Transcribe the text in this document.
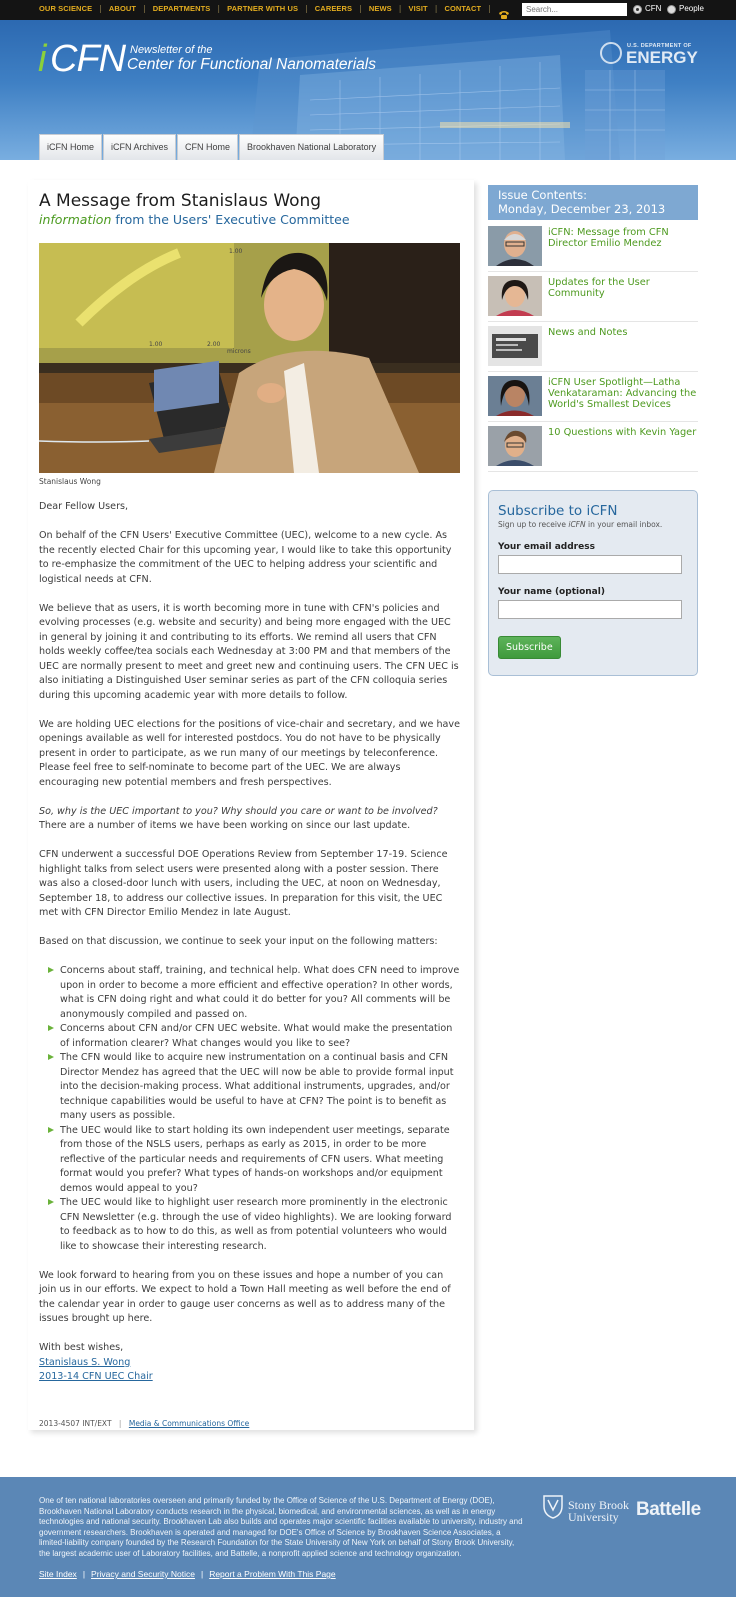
OUR SCIENCE | ABOUT | DEPARTMENTS | PARTNER WITH US | CAREERS | NEWS | VISIT | CONTACT |
Search...	CFN People
i CFN Newsletter of the
Center for Functional Nanomaterials
U.S. DEPARTMENT OF
ENERGY
iCFN Home	iCFN Archives	CFN Home	Brookhaven National Laboratory
A Message from Stanislaus Wong
information from the Users' Executive Committee
1.00
2.00
microns
1.00
Stanislaus Wong

Dear Fellow Users,

On behalf of the CFN Users' Executive Committee (UEC), welcome to a new cycle. As the recently elected Chair for this upcoming year, I would like to take this opportunity to re-emphasize the commitment of the UEC to helping address your scientific and logistical needs at CFN.

We believe that as users, it is worth becoming more in tune with CFN's policies and evolving processes (e.g. website and security) and being more engaged with the UEC in general by joining it and contributing to its efforts. We remind all users that CFN holds weekly coffee/tea socials each Wednesday at 3:00 PM and that members of the UEC are normally present to meet and greet new and continuing users. The CFN UEC is also initiating a Distinguished User seminar series as part of the CFN colloquia series during this upcoming academic year with more details to follow.

We are holding UEC elections for the positions of vice-chair and secretary, and we have openings available as well for interested postdocs. You do not have to be physically present in order to participate, as we run many of our meetings by teleconference. Please feel free to self-nominate to become part of the UEC. We are always encouraging new potential members and fresh perspectives.

So, why is the UEC important to you? Why should you care or want to be involved? There are a number of items we have been working on since our last update.

CFN underwent a successful DOE Operations Review from September 17-19. Science highlight talks from select users were presented along with a poster session. There was also a closed-door lunch with users, including the UEC, at noon on Wednesday, September 18, to address our collective issues. In preparation for this visit, the UEC met with CFN Director Emilio Mendez in late August.

Based on that discussion, we continue to seek your input on the following matters:

Concerns about staff, training, and technical help. What does CFN need to improve upon in order to become a more efficient and effective operation? In other words, what is CFN doing right and what could it do better for you? All comments will be anonymously compiled and passed on.
Concerns about CFN and/or CFN UEC website. What would make the presentation of information clearer? What changes would you like to see?
The CFN would like to acquire new instrumentation on a continual basis and CFN Director Mendez has agreed that the UEC will now be able to provide formal input into the decision-making process. What additional instruments, upgrades, and/or technique capabilities would be useful to have at CFN? The point is to benefit as many users as possible.
The UEC would like to start holding its own independent user meetings, separate from those of the NSLS users, perhaps as early as 2015, in order to be more reflective of the particular needs and requirements of CFN users. What meeting format would you prefer? What types of hands-on workshops and/or equipment demos would appeal to you?
The UEC would like to highlight user research more prominently in the electronic CFN Newsletter (e.g. through the use of video highlights). We are looking forward to feedback as to how to do this, as well as from potential volunteers who would like to showcase their interesting research.

We look forward to hearing from you on these issues and hope a number of you can join us in our efforts. We expect to hold a Town Hall meeting as well before the end of the calendar year in order to gauge user concerns as well as to address many of the issues brought up here.

With best wishes,
Stanislaus S. Wong
2013-14 CFN UEC Chair

2013-4507 INT/EXT | Media & Communications Office
Issue Contents:
Monday, December 23, 2013
iCFN: Message from CFN Director Emilio Mendez
Updates for the User Community
News and Notes
iCFN User Spotlight—Latha Venkataraman: Advancing the World's Smallest Devices
10 Questions with Kevin Yager
Subscribe to iCFN
Sign up to receive iCFN in your email inbox.
Your email address
Your name (optional)
Subscribe
One of ten national laboratories overseen and primarily funded by the Office of Science of the U.S. Department of Energy (DOE), Brookhaven National Laboratory conducts research in the physical, biomedical, and environmental sciences, as well as in energy technologies and national security. Brookhaven Lab also builds and operates major scientific facilities available to university, industry and government researchers. Brookhaven is operated and managed for DOE's Office of Science by Brookhaven Science Associates, a limited-liability company founded by the Research Foundation for the State University of New York on behalf of Stony Brook University, the largest academic user of Laboratory facilities, and Battelle, a nonprofit applied science and technology organization.
Site Index | Privacy and Security Notice | Report a Problem With This Page
Stony Brook
University Battelle
